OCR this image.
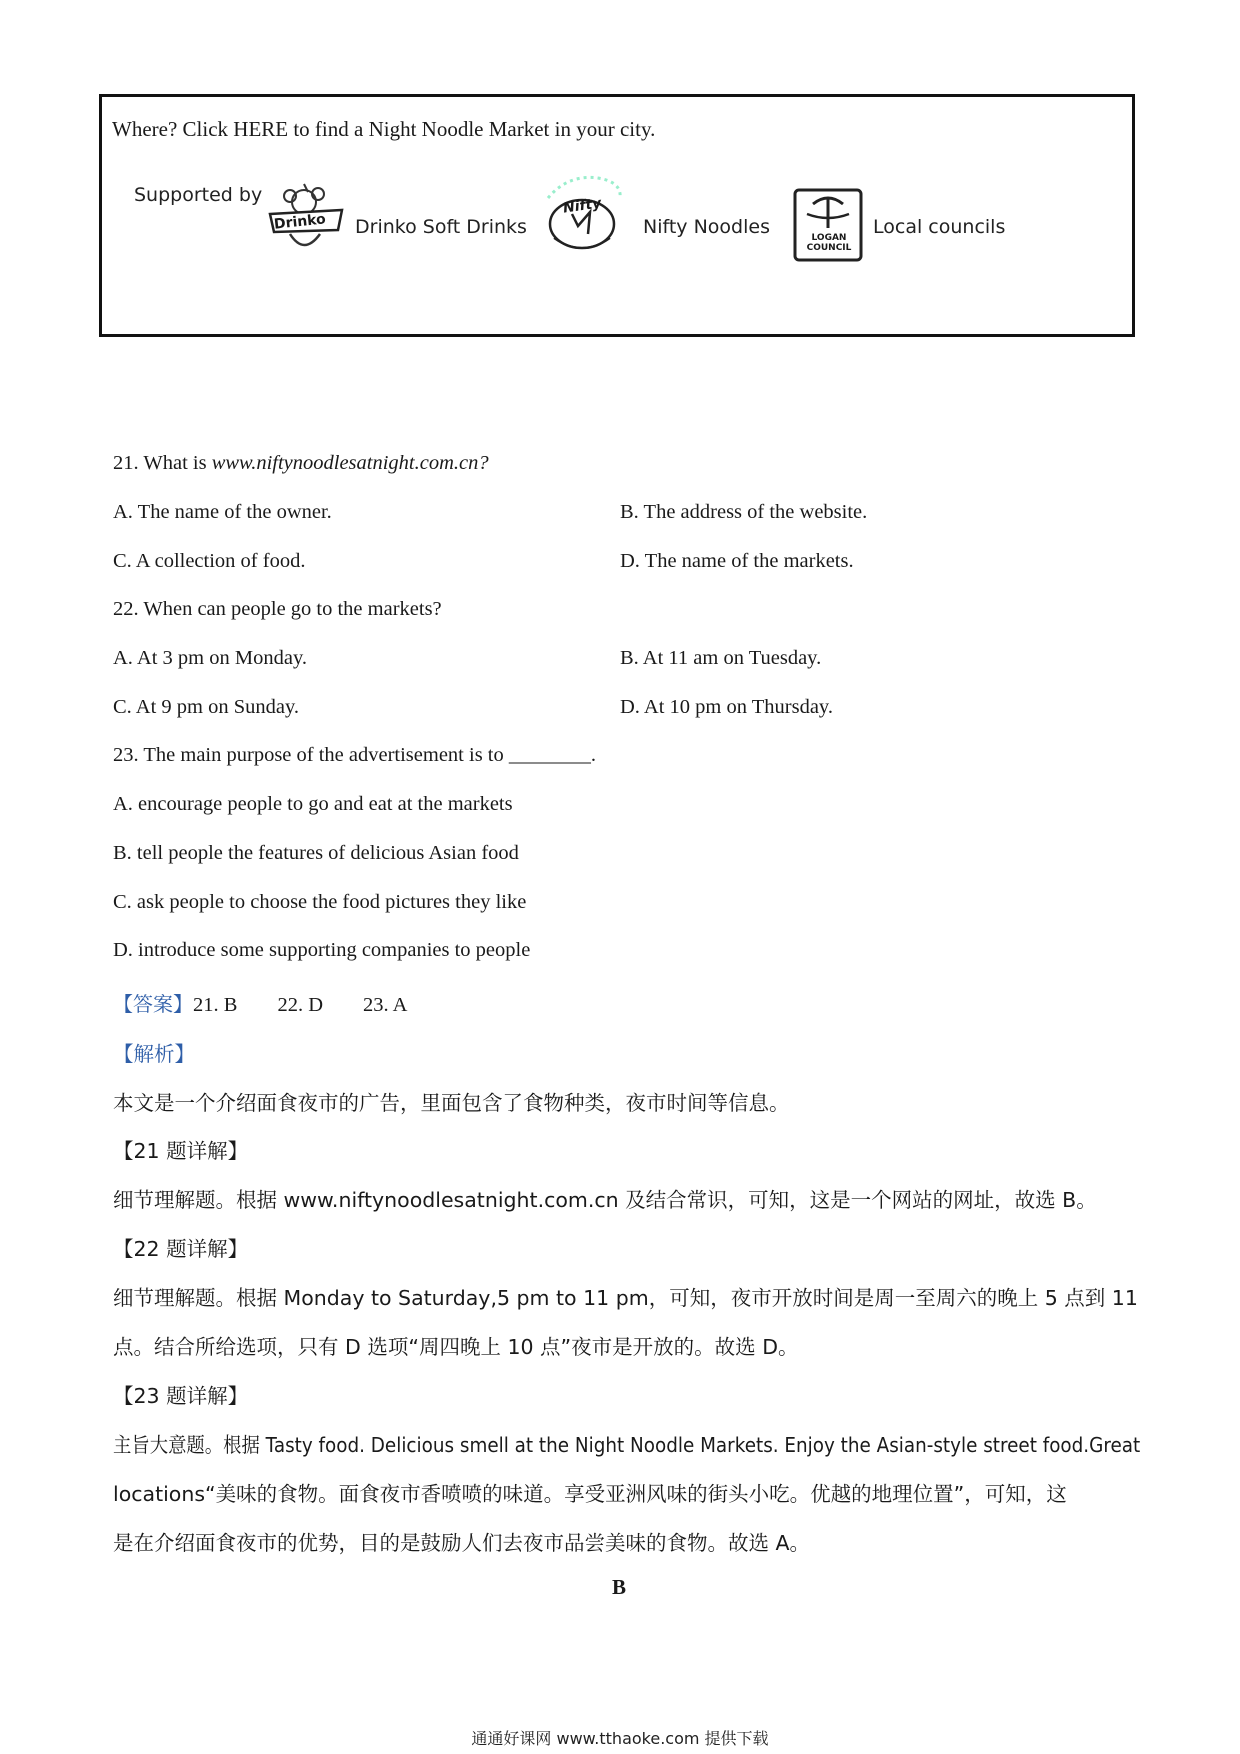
Where? Click HERE to find a Night Noodle Market in your city.
Supported by
Drinko Drinko Soft Drinks
Nifty
Nifty Noodles	LOGAN COUNCIL
Local councils
21. What is www.niftynoodlesatnight.com.cn?
A. The name of the owner.	B. The address of the website.
C. A collection of food.	D. The name of the markets.
22. When can people go to the markets?
A. At 3 pm on Monday.	B. At 11 am on Tuesday.
C. At 9 pm on Sunday.	D. At 10 pm on Thursday.
23. The main purpose of the advertisement is to ________.
A. encourage people to go and eat at the markets
B. tell people the features of delicious Asian food
C. ask people to choose the food pictures they like
D. introduce some supporting companies to people
【答案】21. B 22. D 23. A
【解析】
本文是一个介绍面食夜市的广告，里面包含了食物种类，夜市时间等信息。
【21 题详解】
细节理解题。根据 www.niftynoodlesatnight.com.cn 及结合常识，可知，这是一个网站的网址，故选 B。
【22 题详解】
细节理解题。根据 Monday to Saturday,5 pm to 11 pm，可知，夜市开放时间是周一至周六的晚上 5 点到 11
点。结合所给选项，只有 D 选项“周四晚上 10 点”夜市是开放的。故选 D。
【23 题详解】
主旨大意题。根据 Tasty food. Delicious smell at the Night Noodle Markets. Enjoy the Asian-style street food.Great
locations“美味的食物。面食夜市香喷喷的味道。享受亚洲风味的街头小吃。优越的地理位置”，可知，这
是在介绍面食夜市的优势，目的是鼓励人们去夜市品尝美味的食物。故选 A。
B
通通好课网 www.tthaoke.com 提供下载
